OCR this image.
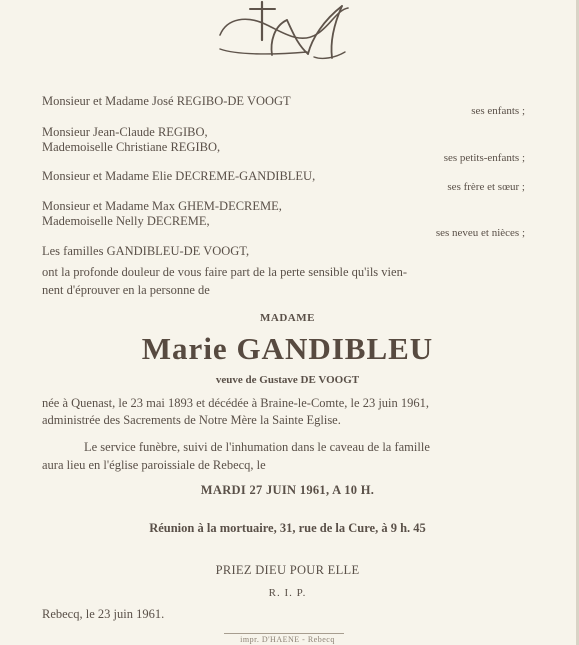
M
Monsieur et Madame José REGIBO-DE VOOGT
ses enfants ;
Monsieur Jean-Claude REGIBO,
Mademoiselle Christiane REGIBO,
ses petits-enfants ;
Monsieur et Madame Elie DECREME-GANDIBLEU,
ses frère et sœur ;
Monsieur et Madame Max GHEM-DECREME,
Mademoiselle Nelly DECREME,
ses neveu et nièces ;
Les familles GANDIBLEU-DE VOOGT,
ont la profonde douleur de vous faire part de la perte sensible qu'ils vien-
nent d'éprouver en la personne de
MADAME
Marie GANDIBLEU
veuve de Gustave DE VOOGT
née à Quenast, le 23 mai 1893 et décédée à Braine-le-Comte, le 23 juin 1961,
administrée des Sacrements de Notre Mère la Sainte Eglise.
Le service funèbre, suivi de l'inhumation dans le caveau de la famille
aura lieu en l'église paroissiale de Rebecq, le
MARDI 27 JUIN 1961, A 10 H.
Réunion à la mortuaire, 31, rue de la Cure, à 9 h. 45
PRIEZ DIEU POUR ELLE
R. I. P.
Rebecq, le 23 juin 1961.
impr. D'HAENE - Rebecq
